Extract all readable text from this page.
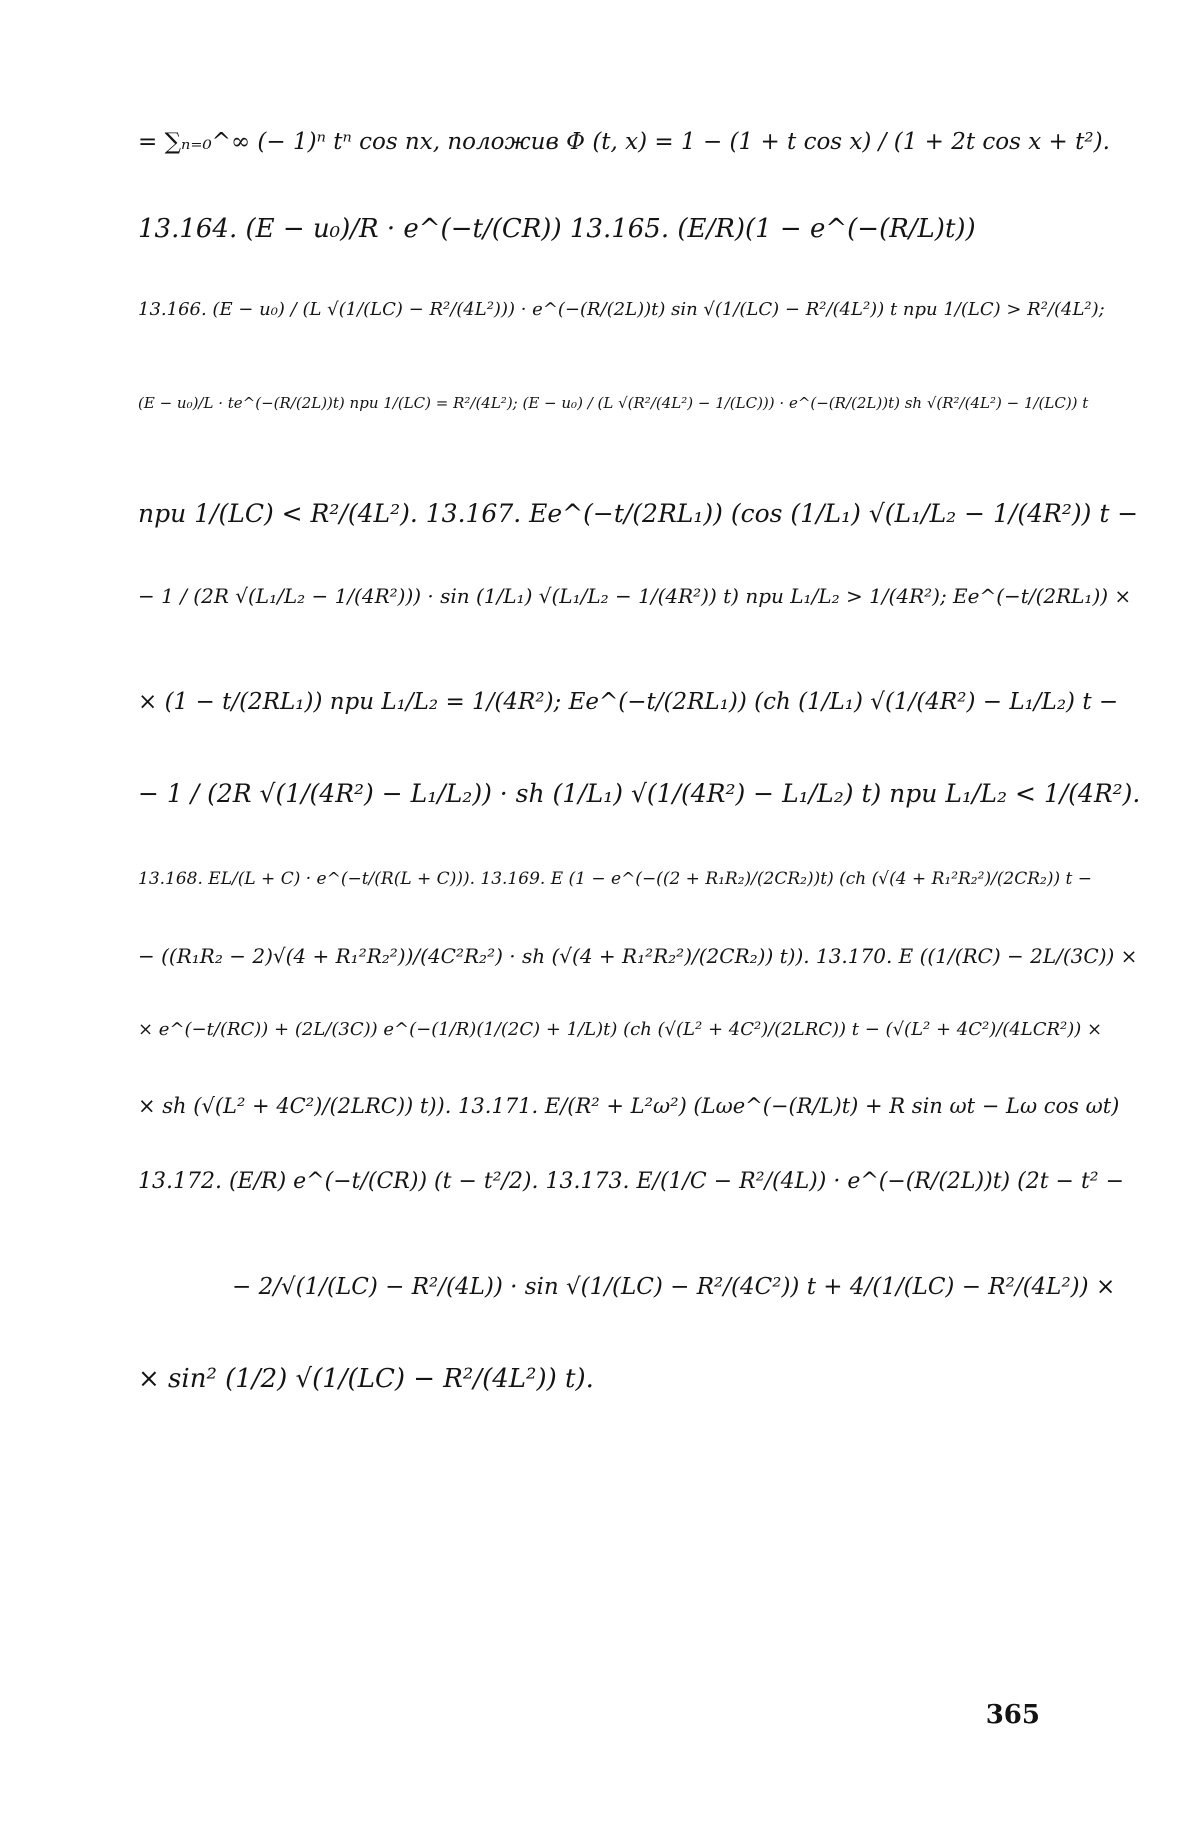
= ∑ₙ₌₀^∞ (− 1)ⁿ tⁿ cos nx, положив Φ (t, x) = 1 − (1 + t cos x) / (1 + 2t cos x + t²).
13.164. (E − u₀)/R · e^(−t/(CR)) 13.165. (E/R)(1 − e^(−(R/L)t))
13.166. (E − u₀) / (L √(1/(LC) − R²/(4L²))) · e^(−(R/(2L))t) sin √(1/(LC) − R²/(4L²)) t при 1/(LC) > R²/(4L²);
(E − u₀)/L · te^(−(R/(2L))t) при 1/(LC) = R²/(4L²); (E − u₀) / (L √(R²/(4L²) − 1/(LC))) · e^(−(R/(2L))t) sh √(R²/(4L²) − 1/(LC)) t
при 1/(LC) < R²/(4L²). 13.167. Ee^(−t/(2RL₁)) (cos (1/L₁) √(L₁/L₂ − 1/(4R²)) t −
− 1 / (2R √(L₁/L₂ − 1/(4R²))) · sin (1/L₁) √(L₁/L₂ − 1/(4R²)) t) при L₁/L₂ > 1/(4R²); Ee^(−t/(2RL₁)) ×
× (1 − t/(2RL₁)) при L₁/L₂ = 1/(4R²); Ee^(−t/(2RL₁)) (ch (1/L₁) √(1/(4R²) − L₁/L₂) t −
− 1 / (2R √(1/(4R²) − L₁/L₂)) · sh (1/L₁) √(1/(4R²) − L₁/L₂) t) при L₁/L₂ < 1/(4R²).
13.168. EL/(L + C) · e^(−t/(R(L + C))). 13.169. E (1 − e^(−((2 + R₁R₂)/(2CR₂))t) (ch (√(4 + R₁²R₂²)/(2CR₂)) t −
− ((R₁R₂ − 2)√(4 + R₁²R₂²))/(4C²R₂²) · sh (√(4 + R₁²R₂²)/(2CR₂)) t)). 13.170. E ((1/(RC) − 2L/(3C)) ×
× e^(−t/(RC)) + (2L/(3C)) e^(−(1/R)(1/(2C) + 1/L)t) (ch (√(L² + 4C²)/(2LRC)) t − (√(L² + 4C²)/(4LCR²)) ×
× sh (√(L² + 4C²)/(2LRC)) t)). 13.171. E/(R² + L²ω²) (Lωe^(−(R/L)t) + R sin ωt − Lω cos ωt)
13.172. (E/R) e^(−t/(CR)) (t − t²/2). 13.173. E/(1/C − R²/(4L)) · e^(−(R/(2L))t) (2t − t² −
− 2/√(1/(LC) − R²/(4L)) · sin √(1/(LC) − R²/(4C²)) t + 4/(1/(LC) − R²/(4L²)) ×
× sin² (1/2) √(1/(LC) − R²/(4L²)) t).
365
